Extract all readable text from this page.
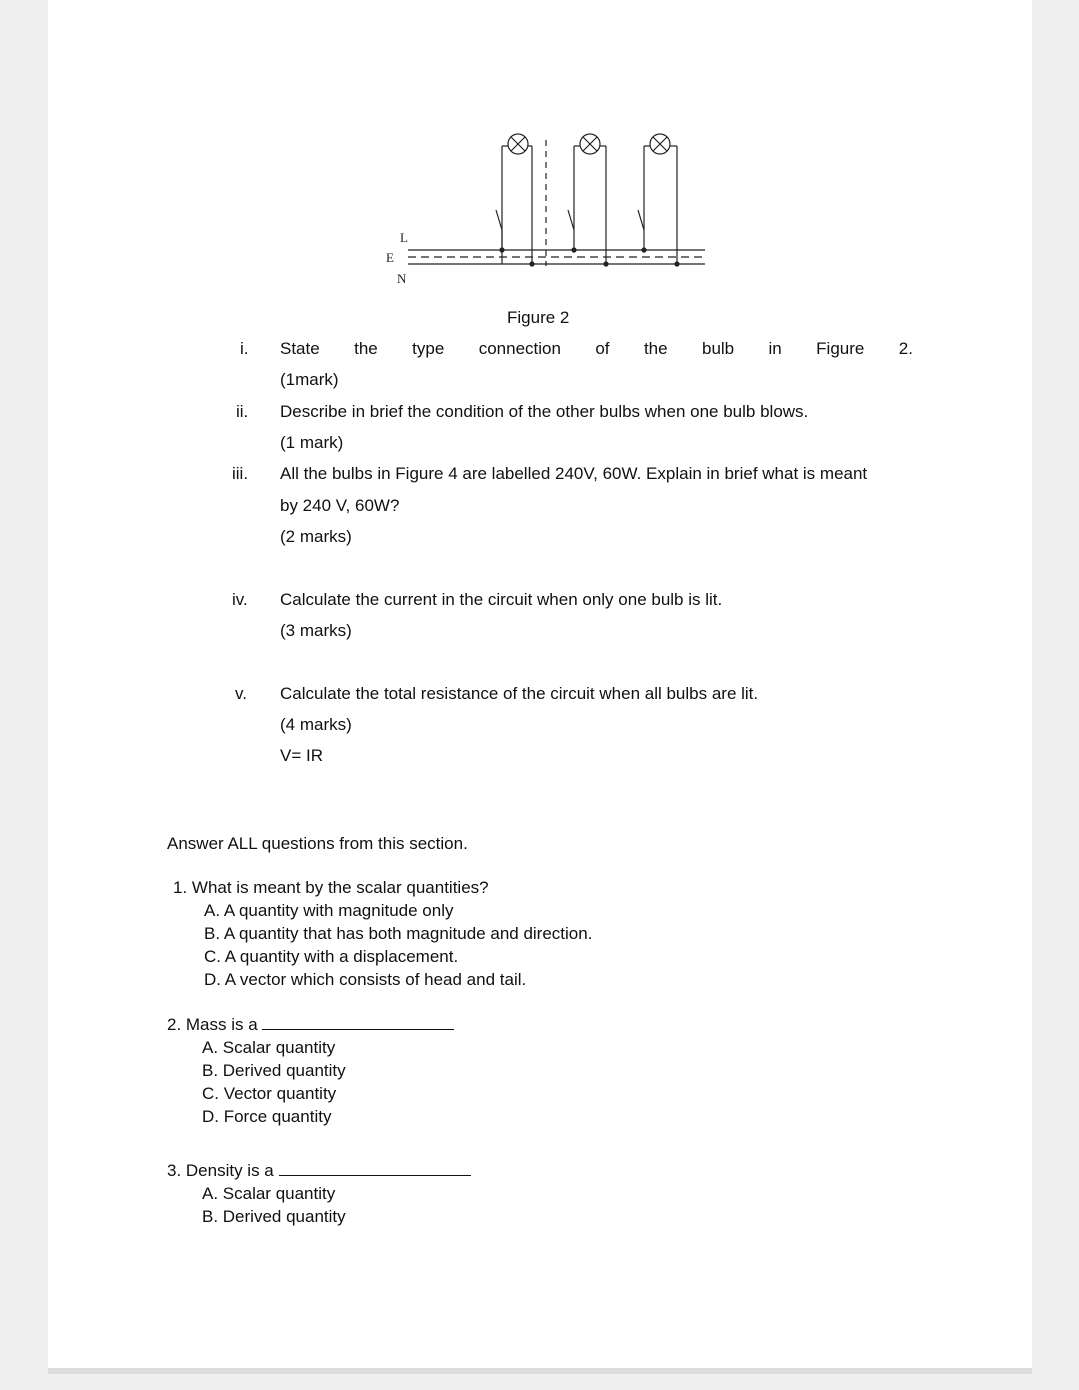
L
E
N
Figure 2
i.	State the type connection of the bulb in Figure 2.
(1mark)
ii.	Describe in brief the condition of the other bulbs when one bulb blows.
(1 mark)
iii.	All the bulbs in Figure 4 are labelled 240V, 60W. Explain in brief what is meant
by 240 V, 60W?
(2 marks)
iv.	Calculate the current in the circuit when only one bulb is lit.
(3 marks)
v.	Calculate the total resistance of the circuit when all bulbs are lit.
(4 marks)
V= IR
Answer ALL questions from this section.
1. What is meant by the scalar quantities?
A. A quantity with magnitude only
B. A quantity that has both magnitude and direction.
C. A quantity with a displacement.
D. A vector which consists of head and tail.
2. Mass is a
A. Scalar quantity
B. Derived quantity
C. Vector quantity
D. Force quantity
3. Density is a
A. Scalar quantity
B. Derived quantity
